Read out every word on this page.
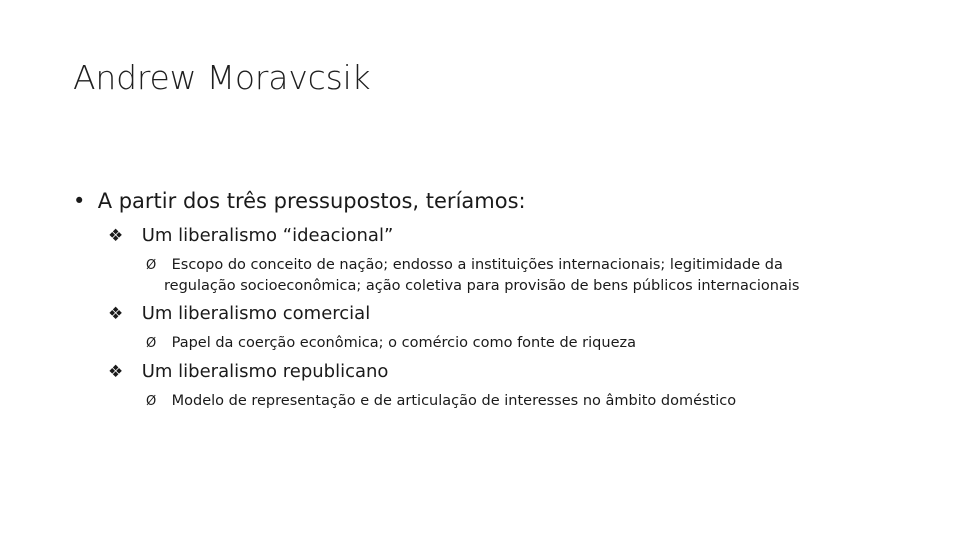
Andrew Moravcsik
• A partir dos três pressupostos, teríamos:
❖ Um liberalismo “ideacional”
Ø Escopo do conceito de nação; endosso a instituições internacionais; legitimidade da
regulação socioeconômica; ação coletiva para provisão de bens públicos internacionais
❖ Um liberalismo comercial
Ø Papel da coerção econômica; o comércio como fonte de riqueza
❖ Um liberalismo republicano
Ø Modelo de representação e de articulação de interesses no âmbito doméstico
